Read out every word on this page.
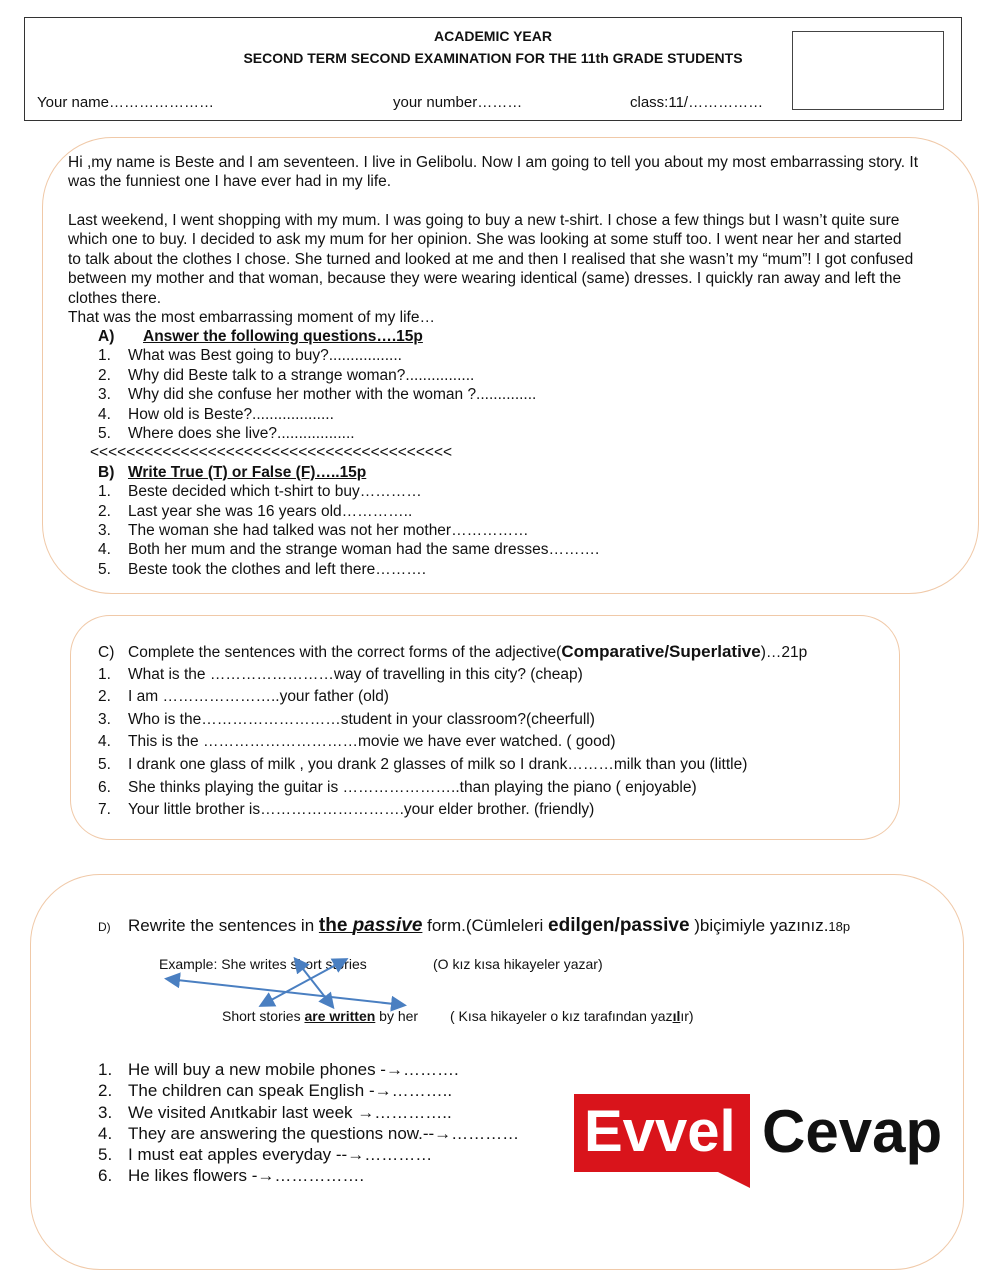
ACADEMIC YEAR
SECOND TERM SECOND EXAMINATION FOR THE 11th GRADE STUDENTS
Your name…………………	your number………	class:11/……………
Hi ,my name is Beste and I am seventeen. I live in Gelibolu. Now I am going to tell you about my most embarrassing story. It was the funniest one I have ever had in my life.
Last weekend, I went shopping with my mum. I was going to buy a new t-shirt. I chose a few things but I wasn’t quite sure which one to buy. I decided to ask my mum for her opinion. She was looking at some stuff too. I went near her and started to talk about the clothes I chose. She turned and looked at me and then I realised that she wasn’t my “mum”! I got confused between my mother and that woman, because they were wearing identical (same) dresses. I quickly ran away and left the clothes there.
That was the most embarrassing moment of my life…
A) Answer the following questions….15p
1. What was Best going to buy?.................
2. Why did Beste talk to a strange woman?................
3. Why did she confuse her mother with the woman ?..............
4. How old is Beste?...................
5. Where does she live?..................
<<<<<<<<<<<<<<<<<<<<<<<<<<<<<<<<<<<<<<<<
B) Write True (T) or False (F)…..15p
1. Beste decided which t-shirt to buy…………
2. Last year she was 16 years old…………..
3. The woman she had talked was not her mother……………
4. Both her mum and the strange woman had the same dresses……….
5. Beste took the clothes and left there……….
C) Complete the sentences with the correct forms of the adjective(Comparative/Superlative)…21p
1. What is the ……………………way of travelling in this city? (cheap)
2. I am …………………..your father (old)
3. Who is the………………………student in your classroom?(cheerfull)
4. This is the …………………………movie we have ever watched. ( good)
5. I drank one glass of milk , you drank 2 glasses of milk so I drank………milk than you (little)
6. She thinks playing the guitar is …………………..than playing the piano ( enjoyable)
7. Your little brother is……………………….your elder brother. (friendly)
D) Rewrite the sentences in the passive form.(Cümleleri edilgen/passive )biçimiyle yazınız.18p
Example: She writes short stories	(O kız kısa hikayeler yazar)
Short stories are written by her ( Kısa hikayeler o kız tarafından yazılır)
1. He will buy a new mobile phones -→……….
2. The children can speak English -→………..
3. We visited Anıtkabir last week →…………..
4. They are answering the questions now.--→…………
5. I must eat apples everyday --→…………
6. He likes flowers -→…………….
Evvel Cevap
